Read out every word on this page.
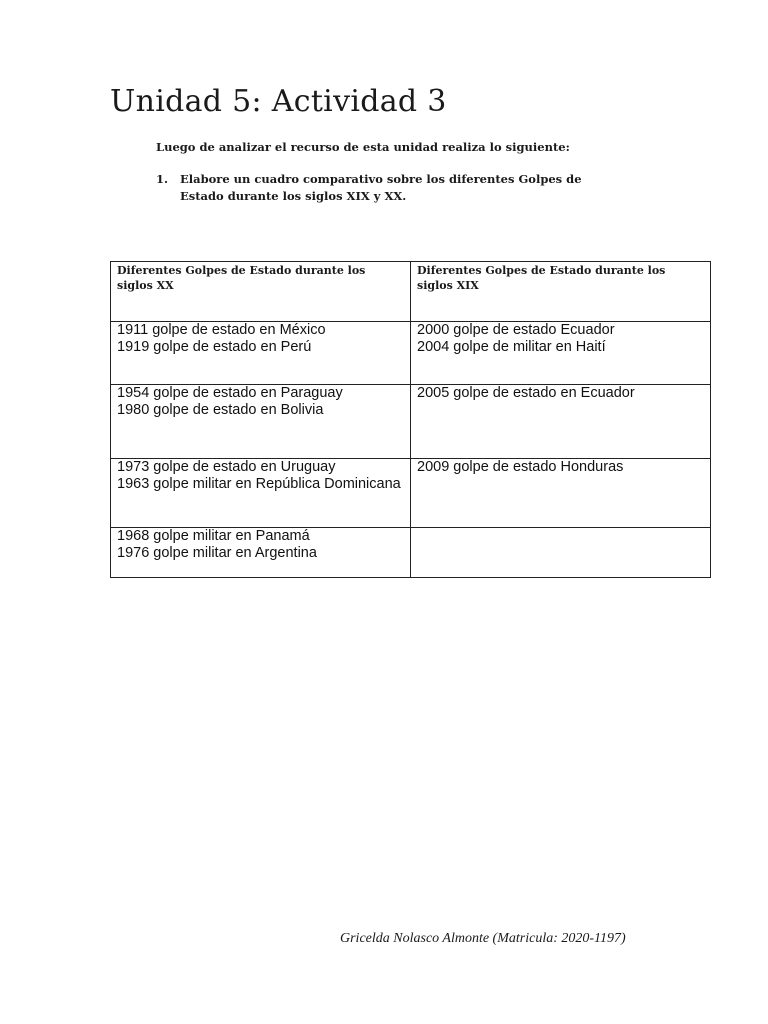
Unidad 5: Actividad 3

Luego de analizar el recurso de esta unidad realiza lo siguiente:

1.	Elabore un cuadro comparativo sobre los diferentes Golpes de Estado durante los siglos XIX y XX.
Diferentes Golpes de Estado durante los siglos XX	Diferentes Golpes de Estado durante los siglos XIX

1911 golpe de estado en México
1919 golpe de estado en Perú	2000 golpe de estado Ecuador
2004 golpe de militar en Haití

1954 golpe de estado en Paraguay
1980 golpe de estado en Bolivia	2005 golpe de estado en Ecuador

1973 golpe de estado en Uruguay
1963 golpe militar en República Dominicana	2009 golpe de estado Honduras

1968 golpe militar en Panamá
1976 golpe militar en Argentina	

Gricelda Nolasco Almonte (Matricula: 2020-1197)
